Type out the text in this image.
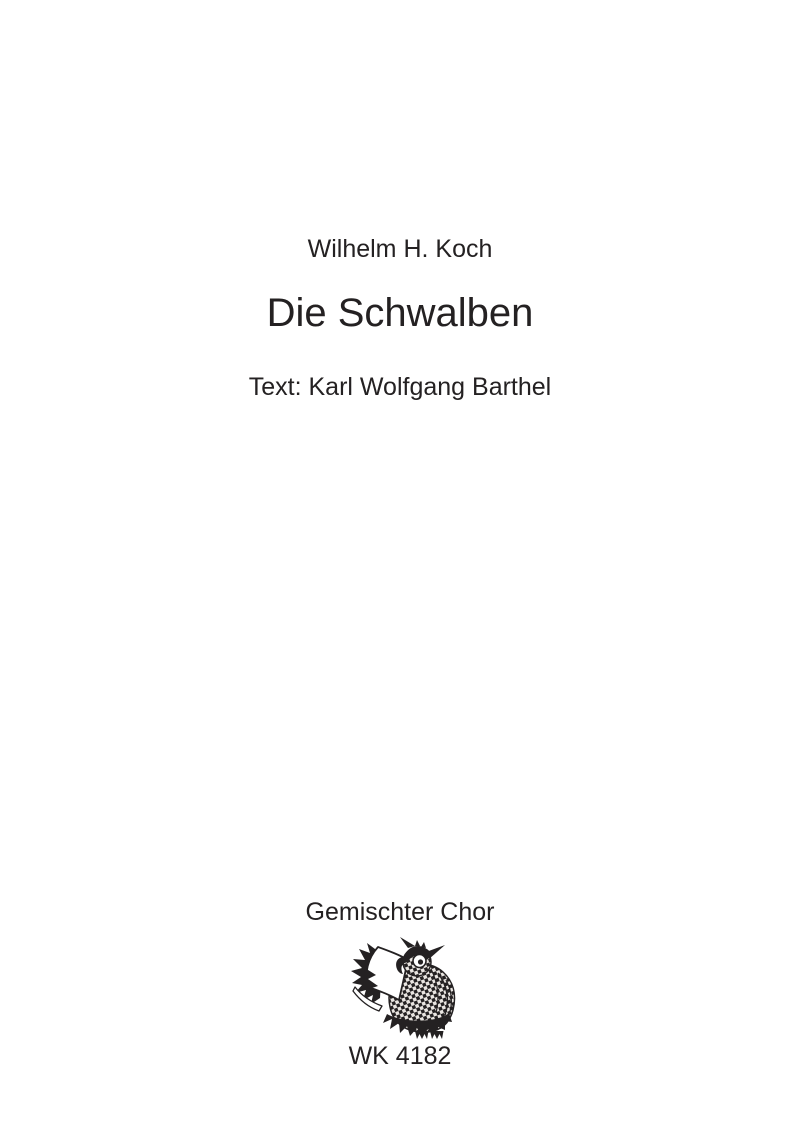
Wilhelm H. Koch
Die Schwalben
Text: Karl Wolfgang Barthel
Gemischter Chor
WK 4182
